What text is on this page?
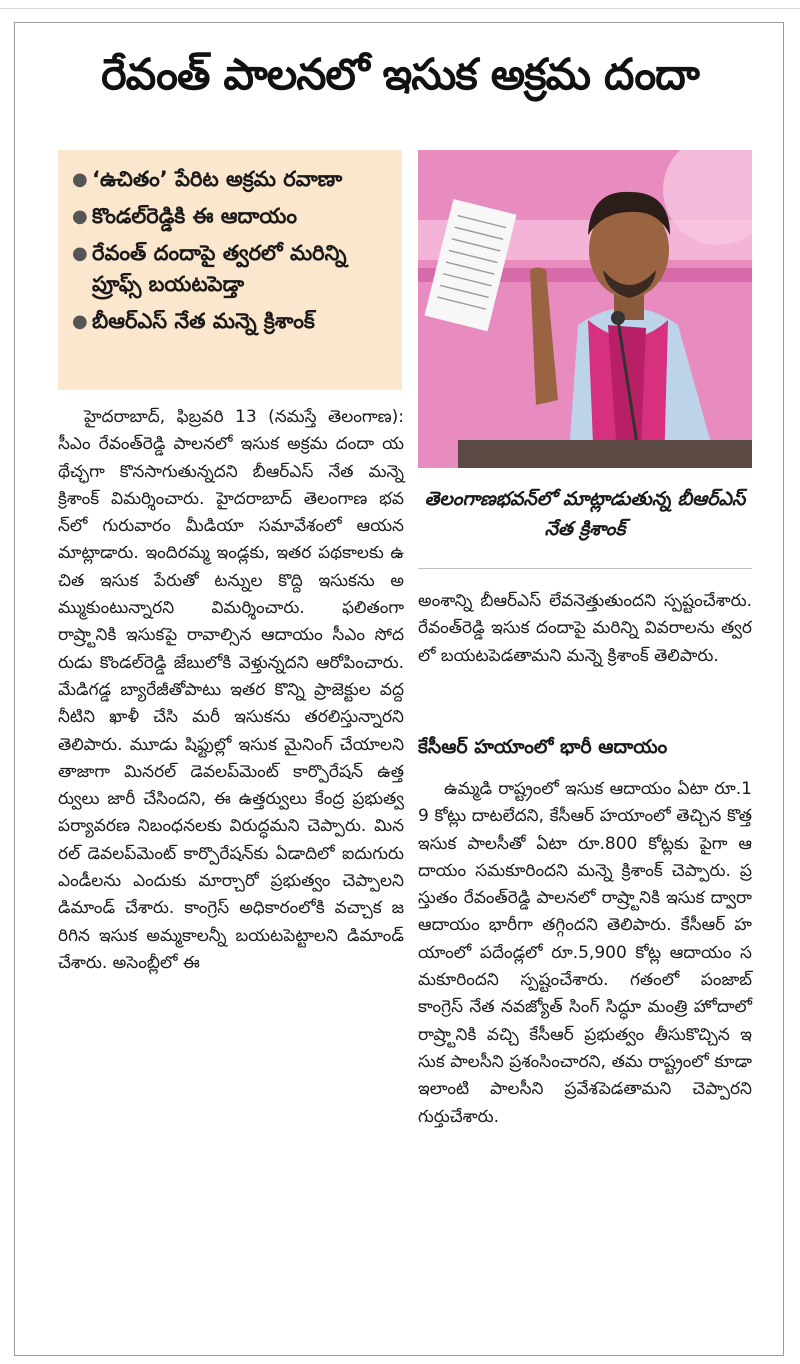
రేవంత్ పాలనలో ఇసుక అక్రమ దందా
● ‘ఉచితం’ పేరిట అక్రమ రవాణా
● కొండల్‌రెడ్డికి ఈ ఆదాయం
● రేవంత్ దందాపై త్వరలో మరిన్ని ప్రూఫ్స్ బయటపెడ్తా
● బీఆర్‌ఎస్ నేత మన్నె క్రిశాంక్
తెలంగాణభవన్‌లో మాట్లాడుతున్న బీఆర్‌ఎస్ నేత క్రిశాంక్

హైదరాబాద్, ఫిబ్రవరి 13 (నమస్తే తెలంగాణ): సీఎం రేవంత్‌రెడ్డి పాలనలో ఇసుక అక్రమ దందా యథేచ్ఛగా కొనసాగుతున్నదని బీఆర్‌ఎస్ నేత మన్నె క్రిశాంక్ విమర్శించారు. హైదరాబాద్ తెలంగాణ భవన్‌లో గురువారం మీడియా సమావేశంలో ఆయన మాట్లాడారు. ఇందిరమ్మ ఇండ్లకు, ఇతర పథకాలకు ఉచిత ఇసుక పేరుతో టన్నుల కొద్ది ఇసుకను అమ్ముకుంటున్నారని విమర్శించారు. ఫలితంగా రాష్ర్టానికి ఇసుకపై రావాల్సిన ఆదాయం సీఎం సోదరుడు కొండల్‌రెడ్డి జేబులోకి వెళ్తున్నదని ఆరోపించారు. మేడిగడ్డ బ్యారేజీతోపాటు ఇతర కొన్ని ప్రాజెక్టుల వద్ద నీటిని ఖాళీ చేసి మరీ ఇసుకను తరలిస్తున్నారని తెలిపారు. మూడు షిఫ్టుల్లో ఇసుక మైనింగ్ చేయాలని తాజాగా మినరల్ డెవలప్‌మెంట్ కార్పొరేషన్ ఉత్తర్వులు జారీ చేసిందని, ఈ ఉత్తర్వులు కేంద్ర ప్రభుత్వ పర్యావరణ నిబంధనలకు విరుద్ధమని చెప్పారు. మినరల్ డెవలప్‌మెంట్ కార్పొరేషన్‌కు ఏడాదిలో ఐదుగురు ఎండీలను ఎందుకు మార్చారో ప్రభుత్వం చెప్పాలని డిమాండ్ చేశారు. కాంగ్రెస్ అధికారంలోకి వచ్చాక జరిగిన ఇసుక అమ్మకాలన్నీ బయటపెట్టాలని డిమాండ్ చేశారు. అసెంబ్లీలో ఈ

అంశాన్ని బీఆర్‌ఎస్ లేవనెత్తుతుందని స్పష్టంచేశారు. రేవంత్‌రెడ్డి ఇసుక దందాపై మరిన్ని వివరాలను త్వరలో బయటపెడతామని మన్నె క్రిశాంక్ తెలిపారు.

కేసీఆర్ హయాంలో భారీ ఆదాయం

ఉమ్మడి రాష్ట్రంలో ఇసుక ఆదాయం ఏటా రూ.19 కోట్లు దాటలేదని, కేసీఆర్ హయాంలో తెచ్చిన కొత్త ఇసుక పాలసీతో ఏటా రూ.800 కోట్లకు పైగా ఆదాయం సమకూరిందని మన్నె క్రిశాంక్ చెప్పారు. ప్రస్తుతం రేవంత్‌రెడ్డి పాలనలో రాష్ర్టానికి ఇసుక ద్వారా ఆదాయం భారీగా తగ్గిందని తెలిపారు. కేసీఆర్ హయాంలో పదేండ్లలో రూ.5,900 కోట్ల ఆదాయం సమకూరిందని స్పష్టంచేశారు. గతంలో పంజాబ్ కాంగ్రెస్ నేత నవజ్యోత్ సింగ్ సిద్ధూ మంత్రి హోదాలో రాష్ర్టానికి వచ్చి కేసీఆర్ ప్రభుత్వం తీసుకొచ్చిన ఇసుక పాలసీని ప్రశంసించారని, తమ రాష్ట్రంలో కూడా ఇలాంటి పాలసీని ప్రవేశపెడతామని చెప్పారని గుర్తుచేశారు.
